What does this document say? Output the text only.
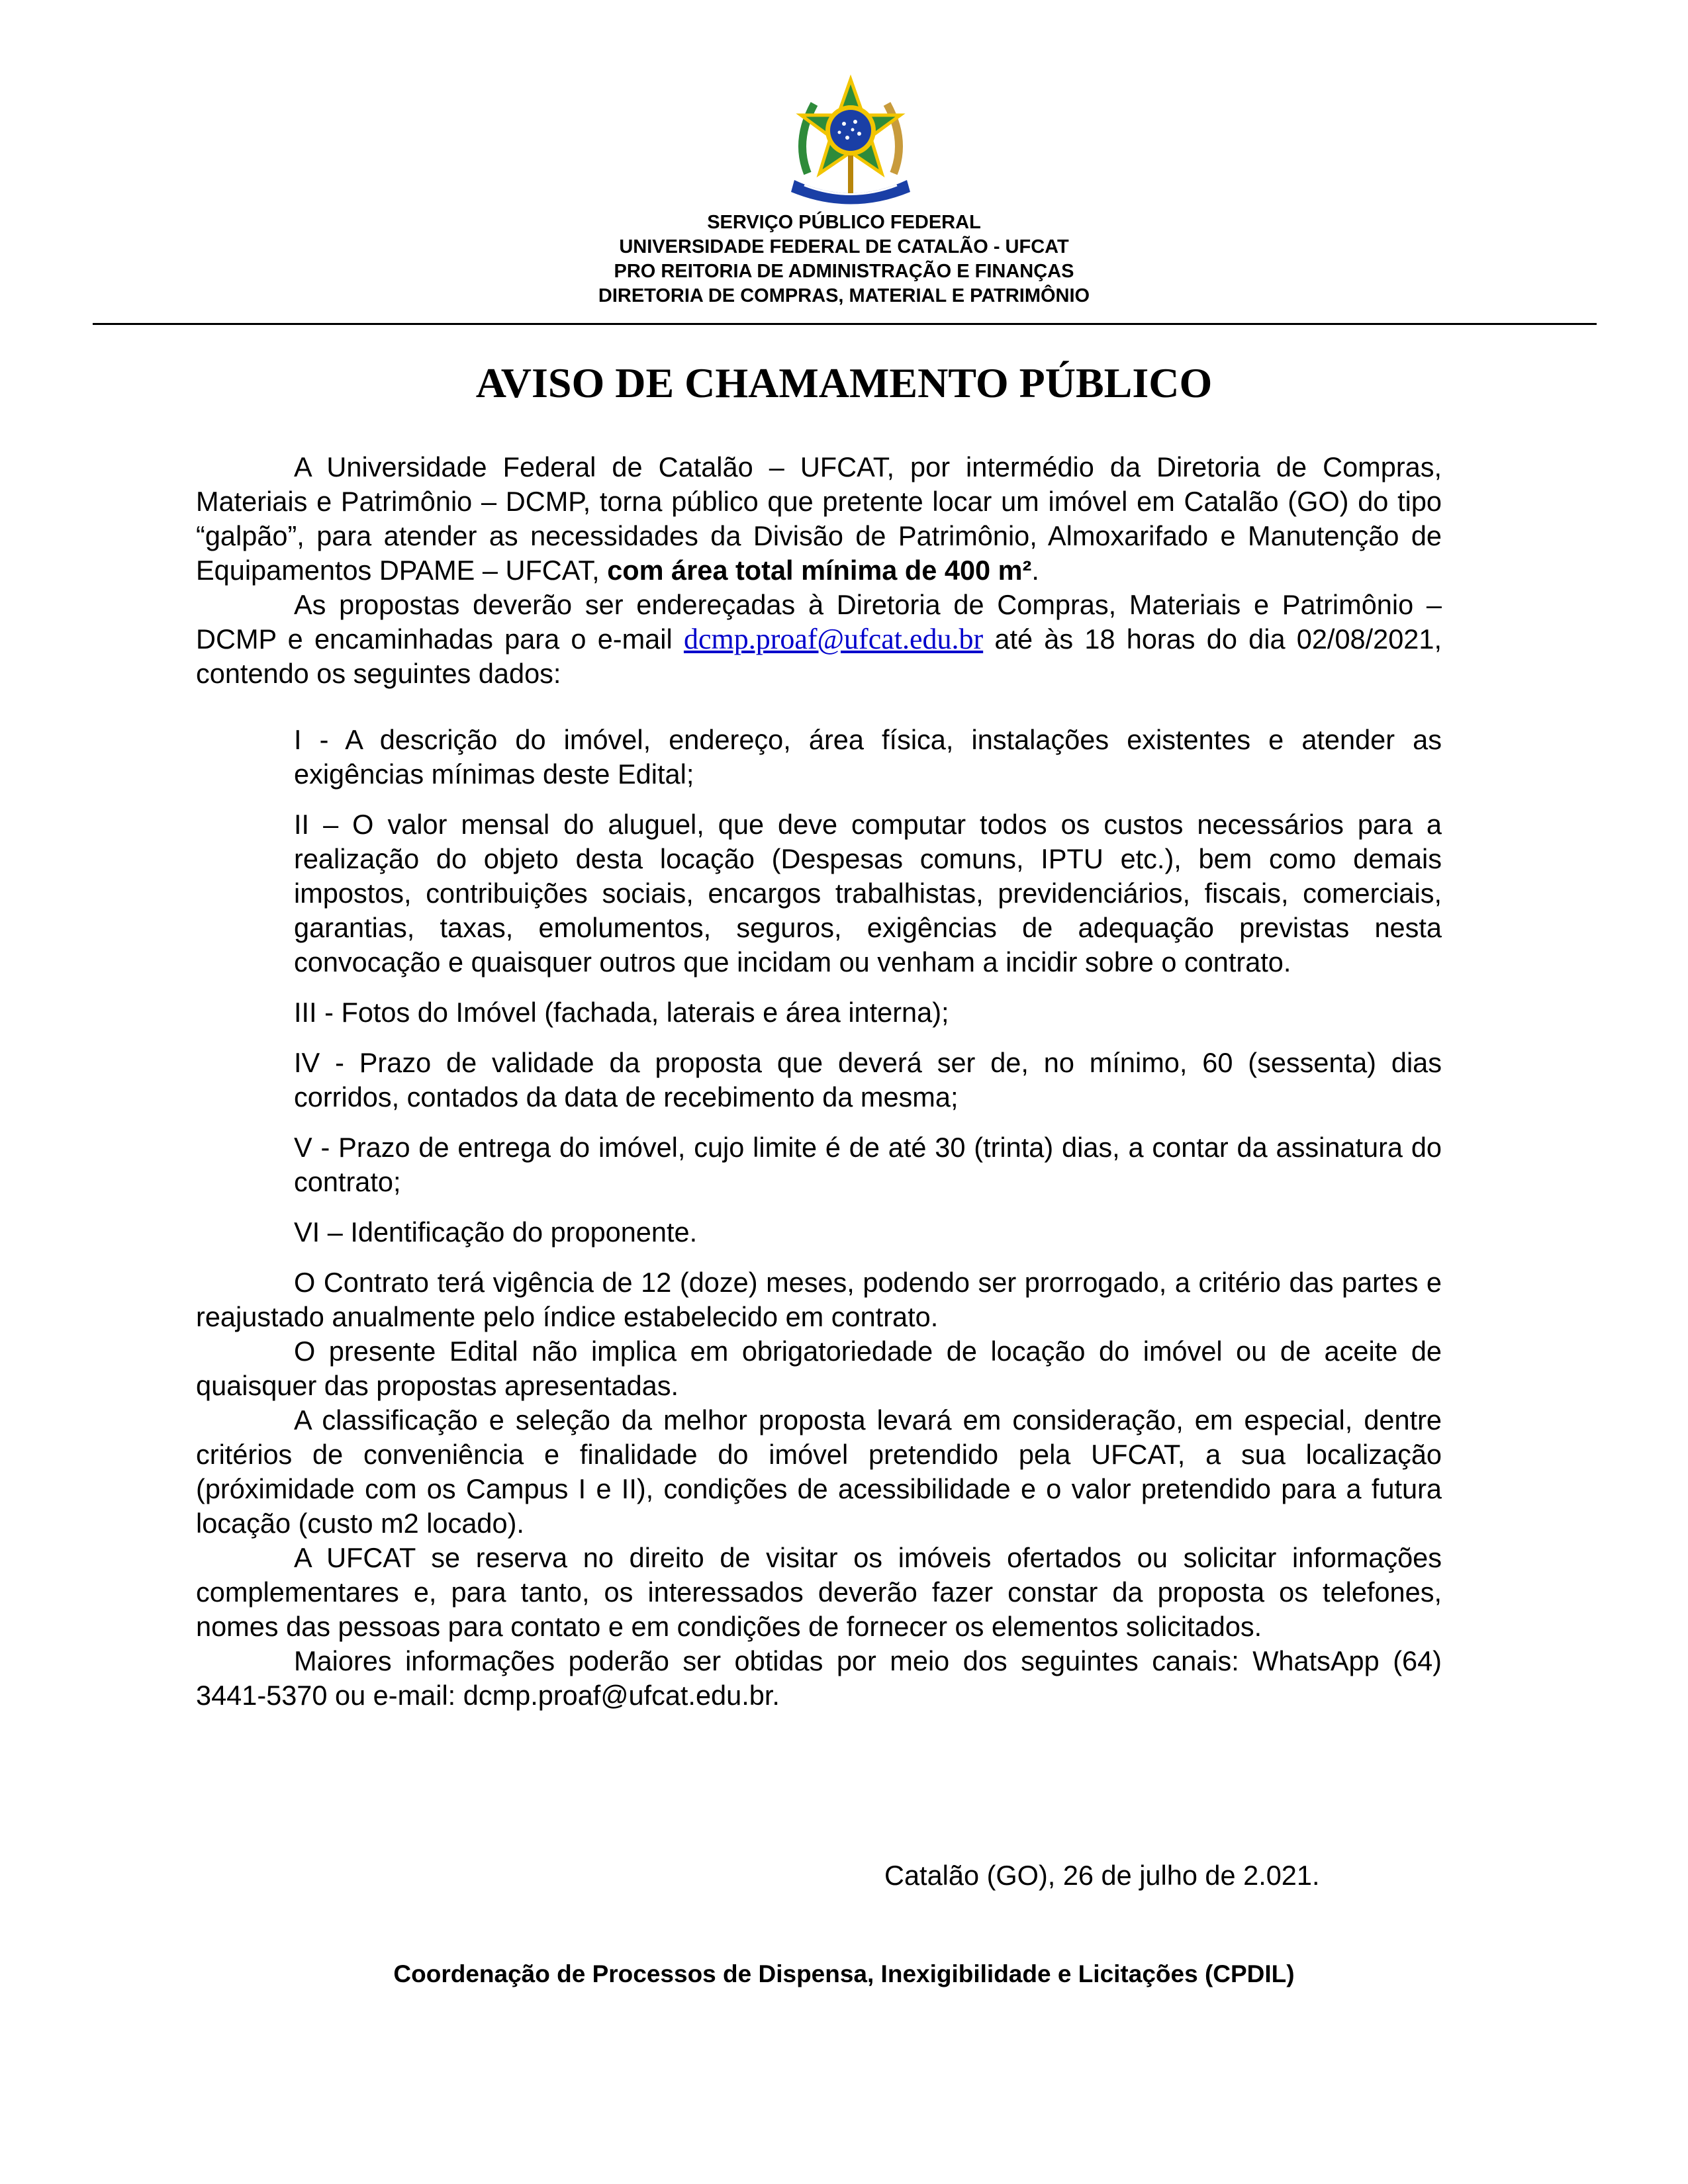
SERVIÇO PÚBLICO FEDERAL
UNIVERSIDADE FEDERAL DE CATALÃO - UFCAT
PRO REITORIA DE ADMINISTRAÇÃO E FINANÇAS
DIRETORIA DE COMPRAS, MATERIAL E PATRIMÔNIO
AVISO DE CHAMAMENTO PÚBLICO

A Universidade Federal de Catalão – UFCAT, por intermédio da Diretoria de Compras, Materiais e Patrimônio – DCMP, torna público que pretente locar um imóvel em Catalão (GO) do tipo “galpão”, para atender as necessidades da Divisão de Patrimônio, Almoxarifado e Manutenção de Equipamentos DPAME – UFCAT, com área total mínima de 400 m².

As propostas deverão ser endereçadas à Diretoria de Compras, Materiais e Patrimônio – DCMP e encaminhadas para o e-mail dcmp.proaf@ufcat.edu.br até às 18 horas do dia 02/08/2021, contendo os seguintes dados:

I - A descrição do imóvel, endereço, área física, instalações existentes e atender as exigências mínimas deste Edital;

II – O valor mensal do aluguel, que deve computar todos os custos necessários para a realização do objeto desta locação (Despesas comuns, IPTU etc.), bem como demais impostos, contribuições sociais, encargos trabalhistas, previdenciários, fiscais, comerciais, garantias, taxas, emolumentos, seguros, exigências de adequação previstas nesta convocação e quaisquer outros que incidam ou venham a incidir sobre o contrato.

III - Fotos do Imóvel (fachada, laterais e área interna);

IV - Prazo de validade da proposta que deverá ser de, no mínimo, 60 (sessenta) dias corridos, contados da data de recebimento da mesma;

V - Prazo de entrega do imóvel, cujo limite é de até 30 (trinta) dias, a contar da assinatura do contrato;

VI – Identificação do proponente.

O Contrato terá vigência de 12 (doze) meses, podendo ser prorrogado, a critério das partes e reajustado anualmente pelo índice estabelecido em contrato.

O presente Edital não implica em obrigatoriedade de locação do imóvel ou de aceite de quaisquer das propostas apresentadas.

A classificação e seleção da melhor proposta levará em consideração, em especial, dentre critérios de conveniência e finalidade do imóvel pretendido pela UFCAT, a sua localização (próximidade com os Campus I e II), condições de acessibilidade e o valor pretendido para a futura locação (custo m2 locado).

A UFCAT se reserva no direito de visitar os imóveis ofertados ou solicitar informações complementares e, para tanto, os interessados deverão fazer constar da proposta os telefones, nomes das pessoas para contato e em condições de fornecer os elementos solicitados.

Maiores informações poderão ser obtidas por meio dos seguintes canais: WhatsApp (64) 3441-5370 ou e-mail: dcmp.proaf@ufcat.edu.br.

Catalão (GO), 26 de julho de 2.021.
Coordenação de Processos de Dispensa, Inexigibilidade e Licitações (CPDIL)
